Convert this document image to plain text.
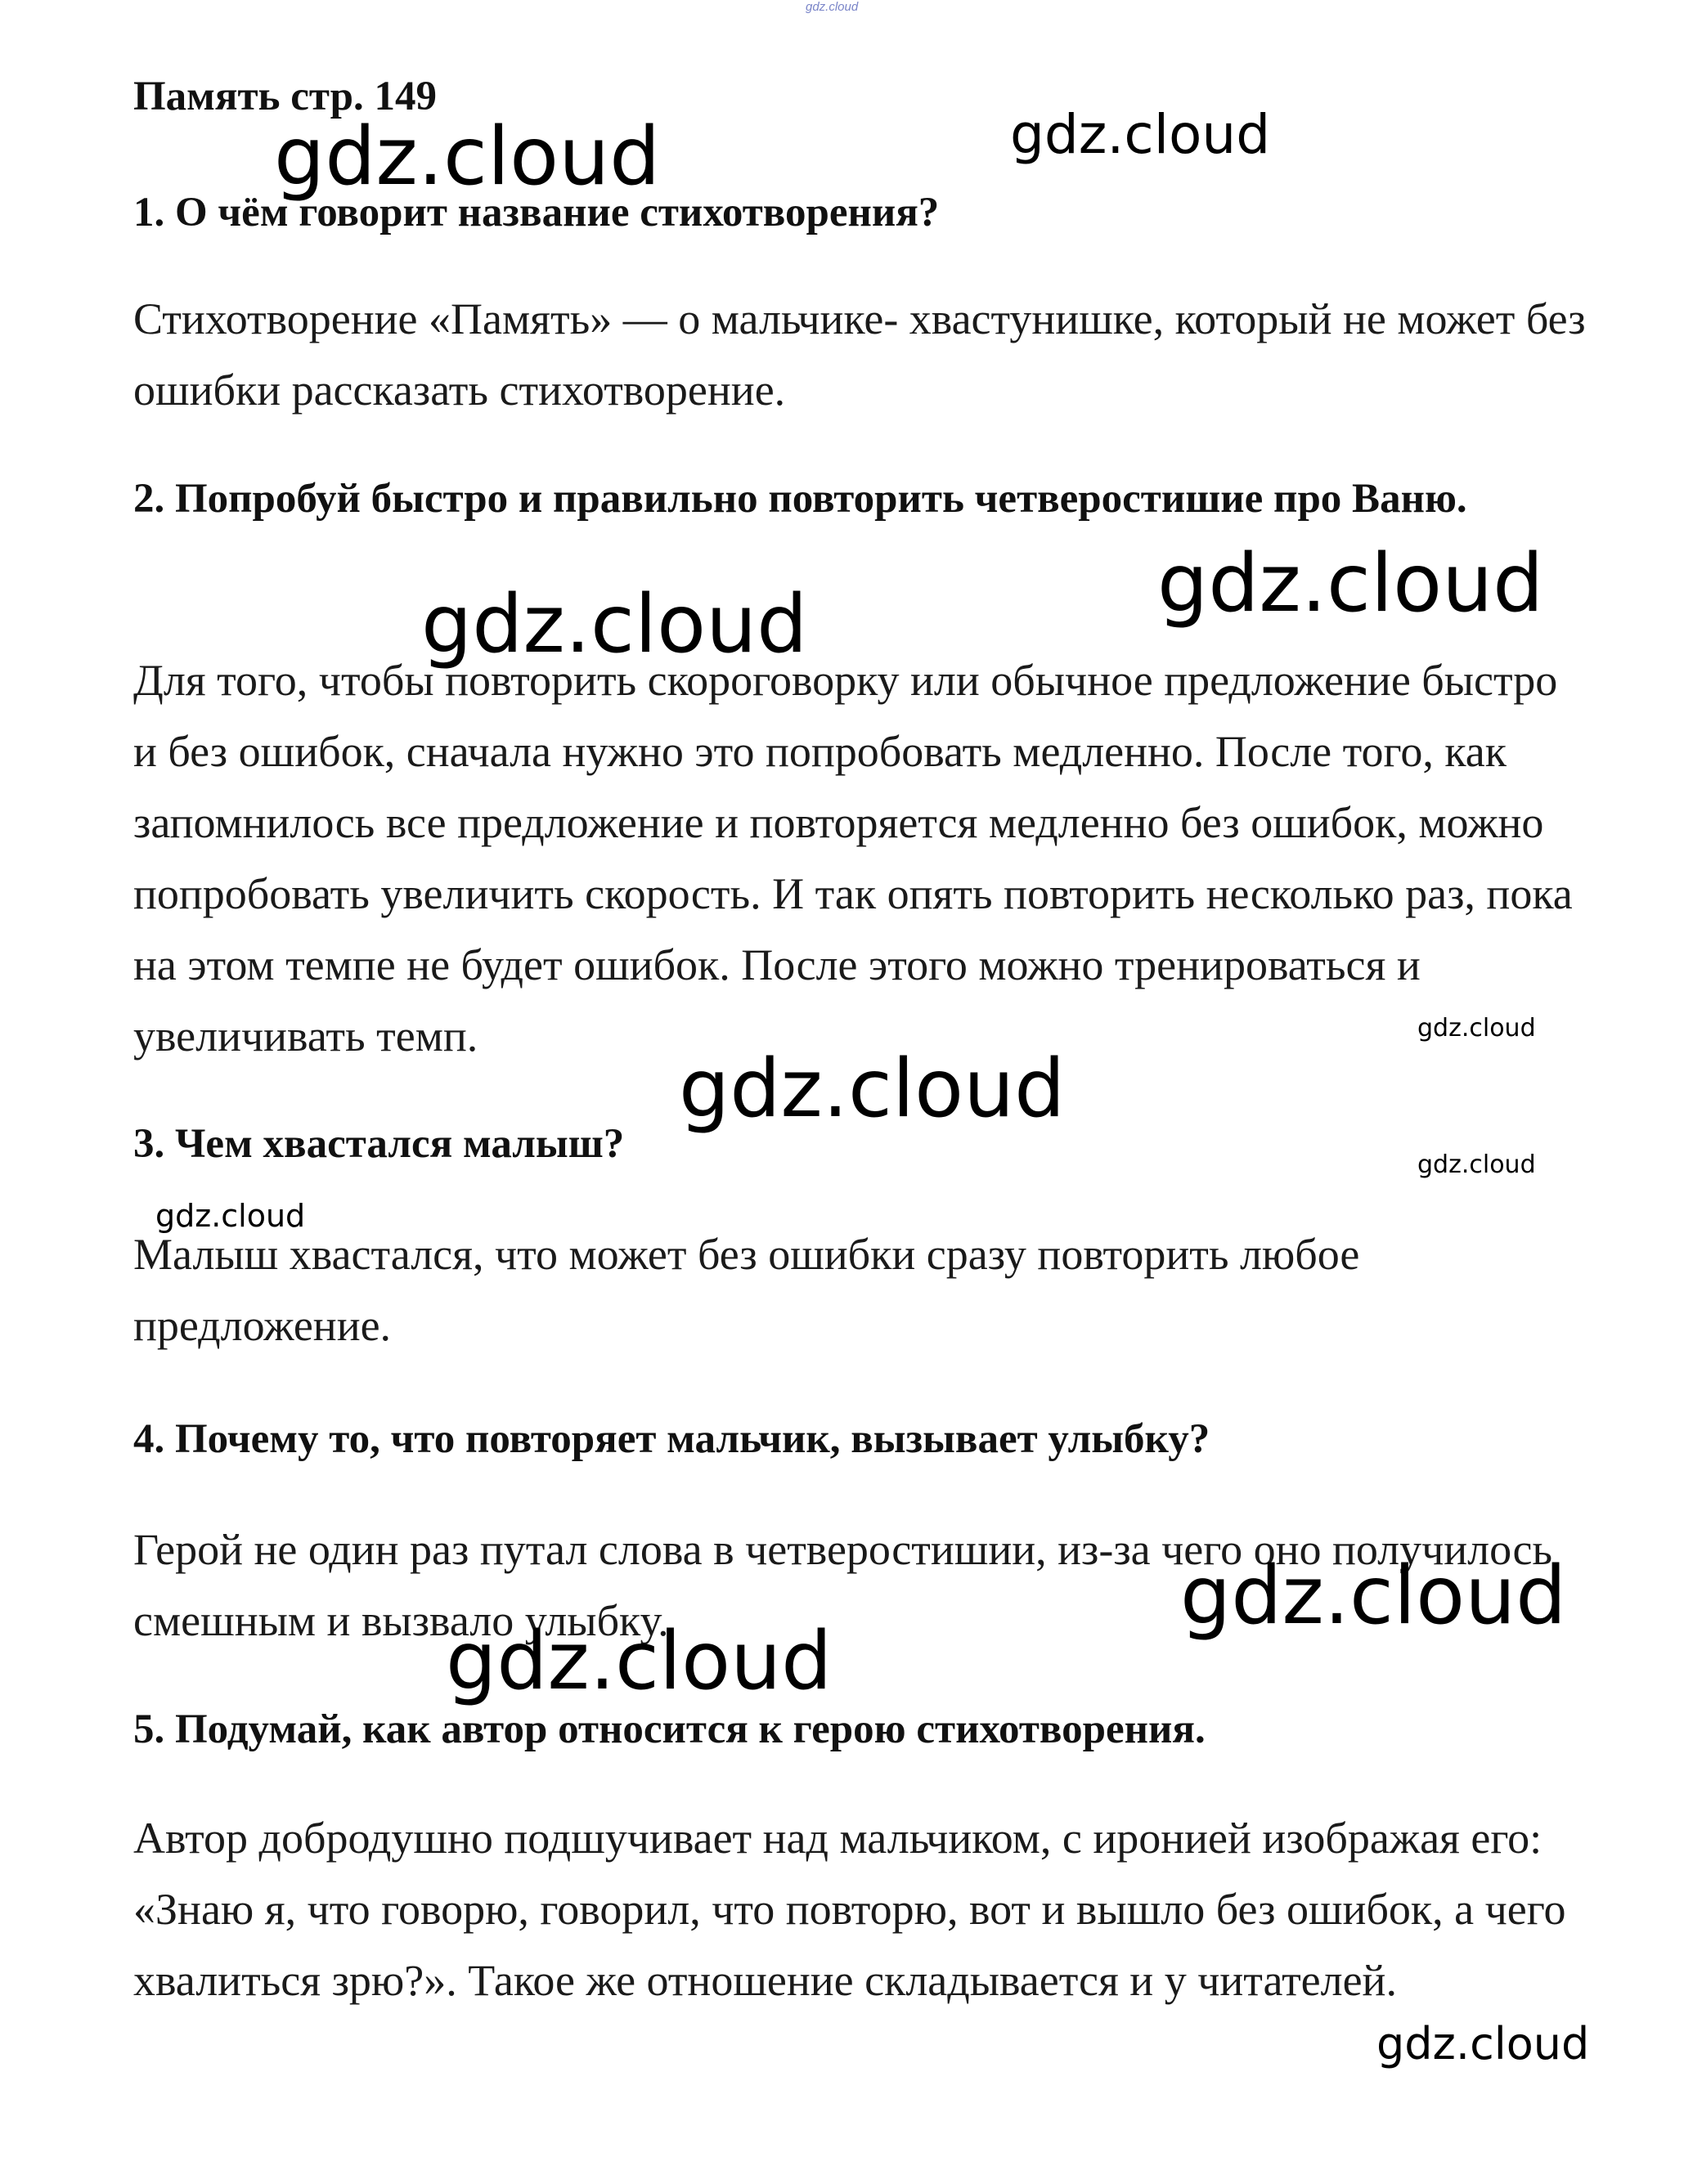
gdz.cloud
Память стр. 149
1. О чём говорит название стихотворения?

Стихотворение «Память» — о мальчике- хвастунишке, который не может без ошибки рассказать стихотворение.

2. Попробуй быстро и правильно повторить четверостишие про Ваню.

Для того, чтобы повторить скороговорку или обычное предложение быстро и без ошибок, сначала нужно это попробовать медленно. После того, как запомнилось все предложение и повторяется медленно без ошибок, можно попробовать увеличить скорость. И так опять повторить несколько раз, пока на этом темпе не будет ошибок. После этого можно тренироваться и увеличивать темп.

3. Чем хвастался малыш?

Малыш хвастался, что может без ошибки сразу повторить любое предложение.

4. Почему то, что повторяет мальчик, вызывает улыбку?

Герой не один раз путал слова в четверостишии, из-за чего оно получилось смешным и вызвало улыбку.

5. Подумай, как автор относится к герою стихотворения.

Автор добродушно подшучивает над мальчиком, с иронией изображая его: «Знаю я, что говорю, говорил, что повторю, вот и вышло без ошибок, а чего хвалиться зрю?». Такое же отношение складывается и у читателей.

gdz.cloud	gdz.cloud
gdz.cloud
gdz.cloud
gdz.cloud
gdz.cloud
gdz.cloud
gdz.cloud
gdz.cloud
gdz.cloud
gdz.cloud
